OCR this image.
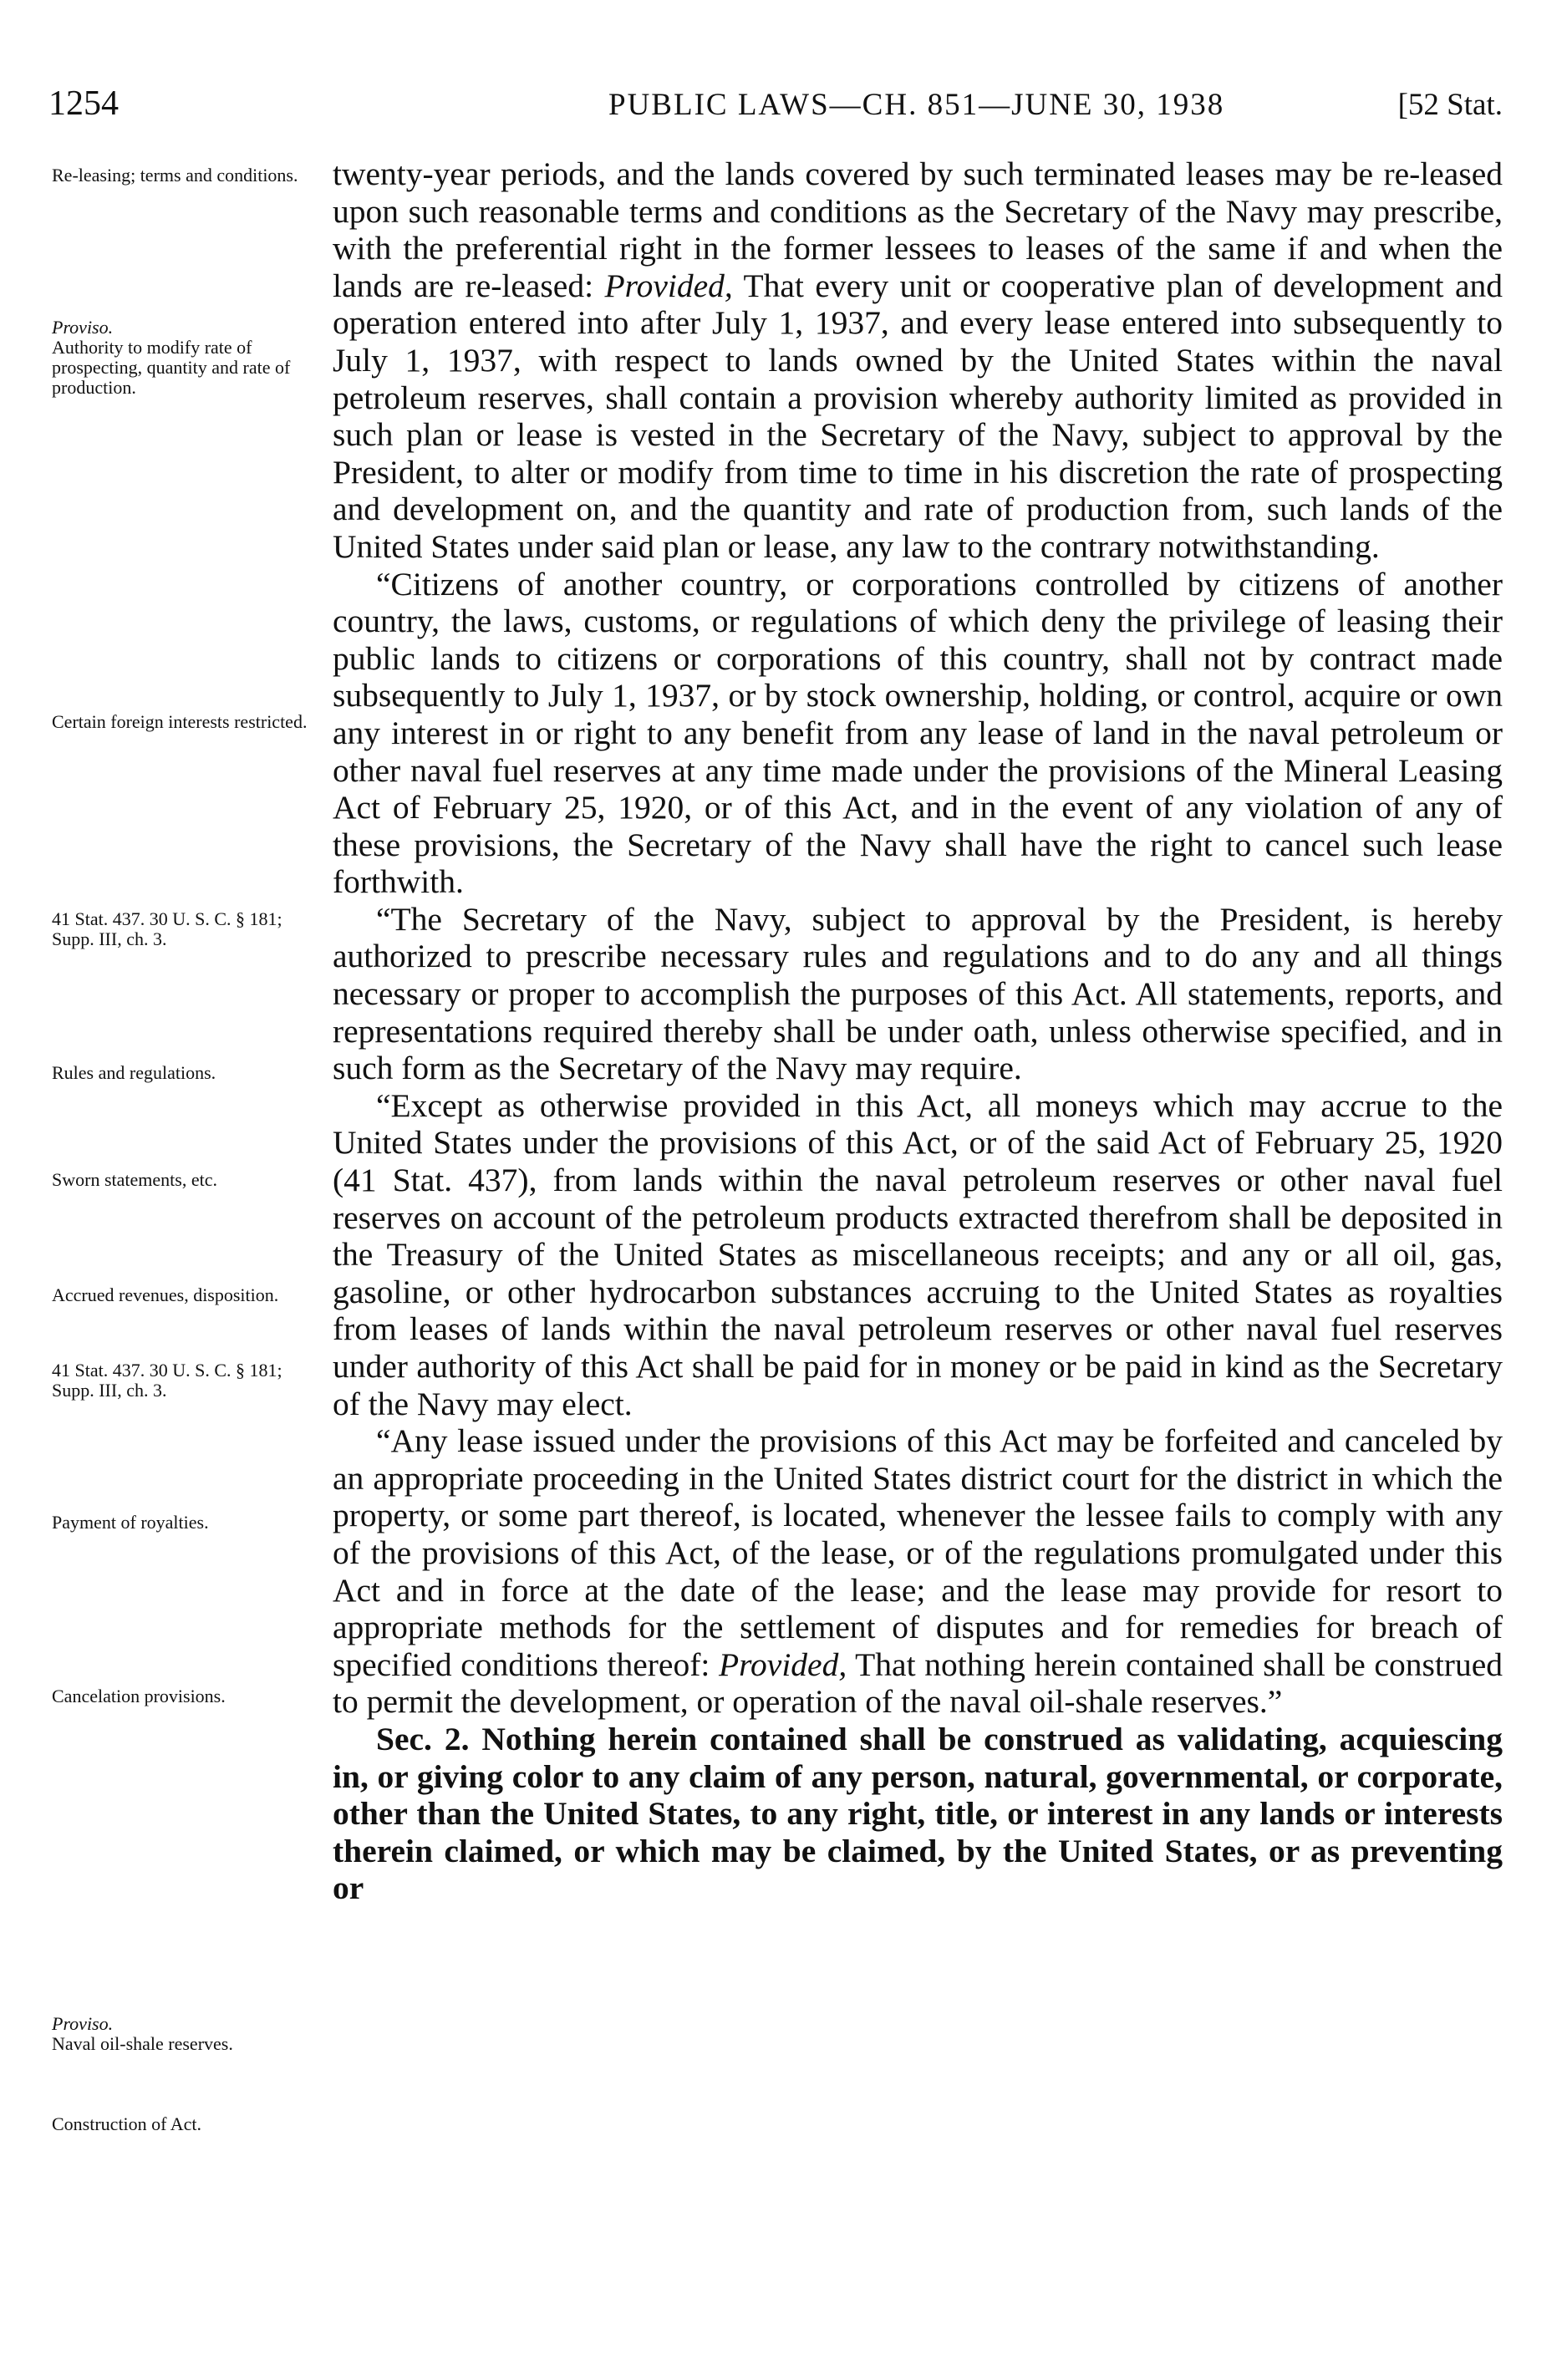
1254	PUBLIC LAWS—CH. 851—JUNE 30, 1938	[52 Stat.
Re-leasing; terms and conditions.
Proviso.
Authority to modify rate of prospecting, quantity and rate of production.
Certain foreign interests restricted.
41 Stat. 437. 30 U. S. C. § 181; Supp. III, ch. 3.
Rules and regulations.
Sworn statements, etc.
Accrued revenues, disposition.
41 Stat. 437. 30 U. S. C. § 181; Supp. III, ch. 3.
Payment of royalties.
Cancelation provisions.
Proviso.
Naval oil-shale reserves.
Construction of Act.

twenty-year periods, and the lands covered by such terminated leases may be re-leased upon such reasonable terms and conditions as the Secretary of the Navy may prescribe, with the preferential right in the former lessees to leases of the same if and when the lands are re-leased: Provided, That every unit or cooperative plan of development and operation entered into after July 1, 1937, and every lease entered into subsequently to July 1, 1937, with respect to lands owned by the United States within the naval petroleum reserves, shall contain a provision whereby authority limited as provided in such plan or lease is vested in the Secretary of the Navy, subject to approval by the President, to alter or modify from time to time in his discretion the rate of prospecting and development on, and the quantity and rate of production from, such lands of the United States under said plan or lease, any law to the contrary notwithstanding.

“Citizens of another country, or corporations controlled by citizens of another country, the laws, customs, or regulations of which deny the privilege of leasing their public lands to citizens or corporations of this country, shall not by contract made subsequently to July 1, 1937, or by stock ownership, holding, or control, acquire or own any interest in or right to any benefit from any lease of land in the naval petroleum or other naval fuel reserves at any time made under the provisions of the Mineral Leasing Act of February 25, 1920, or of this Act, and in the event of any violation of any of these provisions, the Secretary of the Navy shall have the right to cancel such lease forthwith.

“The Secretary of the Navy, subject to approval by the President, is hereby authorized to prescribe necessary rules and regulations and to do any and all things necessary or proper to accomplish the purposes of this Act. All statements, reports, and representations required thereby shall be under oath, unless otherwise specified, and in such form as the Secretary of the Navy may require.

“Except as otherwise provided in this Act, all moneys which may accrue to the United States under the provisions of this Act, or of the said Act of February 25, 1920 (41 Stat. 437), from lands within the naval petroleum reserves or other naval fuel reserves on account of the petroleum products extracted therefrom shall be deposited in the Treasury of the United States as miscellaneous receipts; and any or all oil, gas, gasoline, or other hydrocarbon substances accruing to the United States as royalties from leases of lands within the naval petroleum reserves or other naval fuel reserves under authority of this Act shall be paid for in money or be paid in kind as the Secretary of the Navy may elect.

“Any lease issued under the provisions of this Act may be forfeited and canceled by an appropriate proceeding in the United States district court for the district in which the property, or some part thereof, is located, whenever the lessee fails to comply with any of the provisions of this Act, of the lease, or of the regulations promulgated under this Act and in force at the date of the lease; and the lease may provide for resort to appropriate methods for the settlement of disputes and for remedies for breach of specified conditions thereof: Provided, That nothing herein contained shall be construed to permit the development, or operation of the naval oil-shale reserves.”

Sec. 2. Nothing herein contained shall be construed as validating, acquiescing in, or giving color to any claim of any person, natural, governmental, or corporate, other than the United States, to any right, title, or interest in any lands or interests therein claimed, or which may be claimed, by the United States, or as preventing or
